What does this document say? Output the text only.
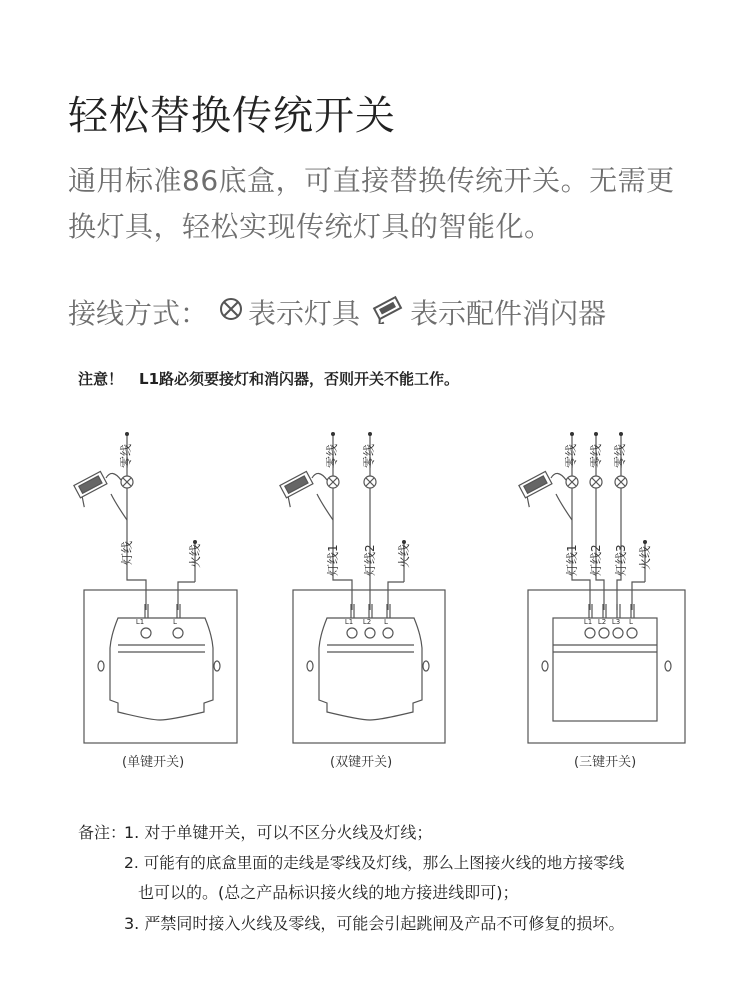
轻松替换传统开关
通用标准86底盒，可直接替换传统开关。无需更
换灯具，轻松实现传统灯具的智能化。
接线方式： 表示灯具 表示配件消闪器
注意！ L1路必须要接灯和消闪器，否则开关不能工作。
L1	L
零线
灯线	火线
L1 L2 L
零线 零线
灯线1 灯线2 火线
L1 L2 L3 L
零线 零线 零线
灯线1 灯线2 灯线3 火线
(单键开关)	(双键开关)	(三键开关)
备注：
1. 对于单键开关，可以不区分火线及灯线；
2. 可能有的底盒里面的走线是零线及灯线，那么上图接火线的地方接零线
也可以的。(总之产品标识接火线的地方接进线即可)；
3. 严禁同时接入火线及零线，可能会引起跳闸及产品不可修复的损坏。
